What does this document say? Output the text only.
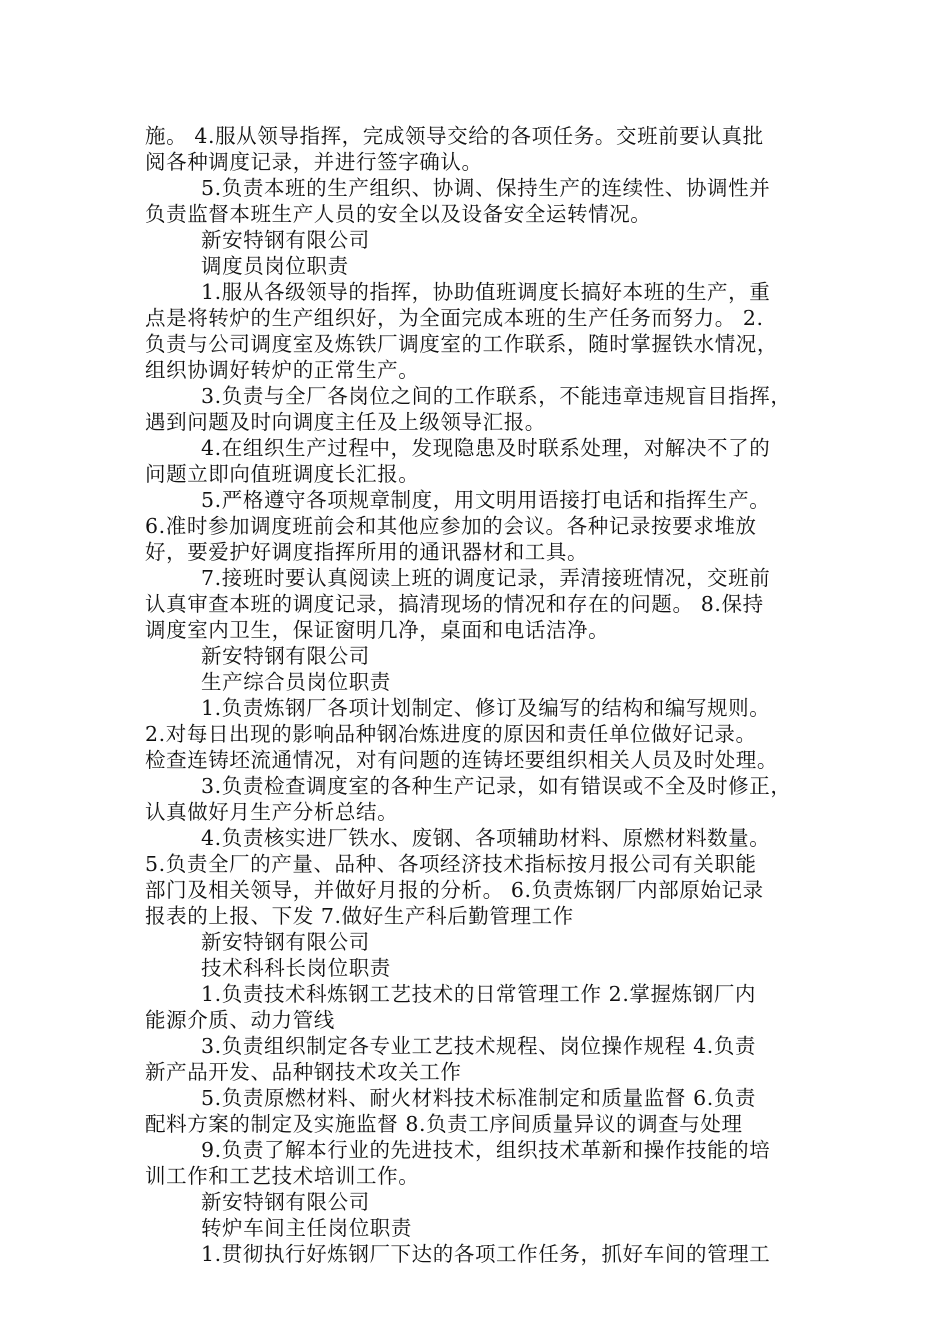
施。 4.服从领导指挥，完成领导交给的各项任务。交班前要认真批
阅各种调度记录，并进行签字确认。
5.负责本班的生产组织、协调、保持生产的连续性、协调性并
负责监督本班生产人员的安全以及设备安全运转情况。
新安特钢有限公司
调度员岗位职责
1.服从各级领导的指挥，协助值班调度长搞好本班的生产，重
点是将转炉的生产组织好，为全面完成本班的生产任务而努力。 2.
负责与公司调度室及炼铁厂调度室的工作联系，随时掌握铁水情况，
组织协调好转炉的正常生产。
3.负责与全厂各岗位之间的工作联系，不能违章违规盲目指挥，
遇到问题及时向调度主任及上级领导汇报。
4.在组织生产过程中，发现隐患及时联系处理，对解决不了的
问题立即向值班调度长汇报。
5.严格遵守各项规章制度，用文明用语接打电话和指挥生产。
6.准时参加调度班前会和其他应参加的会议。各种记录按要求堆放
好，要爱护好调度指挥所用的通讯器材和工具。
7.接班时要认真阅读上班的调度记录，弄清接班情况，交班前
认真审查本班的调度记录，搞清现场的情况和存在的问题。 8.保持
调度室内卫生，保证窗明几净，桌面和电话洁净。
新安特钢有限公司
生产综合员岗位职责
1.负责炼钢厂各项计划制定、修订及编写的结构和编写规则。
2.对每日出现的影响品种钢冶炼进度的原因和责任单位做好记录。
检查连铸坯流通情况，对有问题的连铸坯要组织相关人员及时处理。
3.负责检查调度室的各种生产记录，如有错误或不全及时修正，
认真做好月生产分析总结。
4.负责核实进厂铁水、废钢、各项辅助材料、原燃材料数量。
5.负责全厂的产量、品种、各项经济技术指标按月报公司有关职能
部门及相关领导，并做好月报的分析。 6.负责炼钢厂内部原始记录
报表的上报、下发 7.做好生产科后勤管理工作
新安特钢有限公司
技术科科长岗位职责
1.负责技术科炼钢工艺技术的日常管理工作 2.掌握炼钢厂内
能源介质、动力管线
3.负责组织制定各专业工艺技术规程、岗位操作规程 4.负责
新产品开发、品种钢技术攻关工作
5.负责原燃材料、耐火材料技术标准制定和质量监督 6.负责
配料方案的制定及实施监督 8.负责工序间质量异议的调查与处理
9.负责了解本行业的先进技术，组织技术革新和操作技能的培
训工作和工艺技术培训工作。
新安特钢有限公司
转炉车间主任岗位职责
1.贯彻执行好炼钢厂下达的各项工作任务，抓好车间的管理工
